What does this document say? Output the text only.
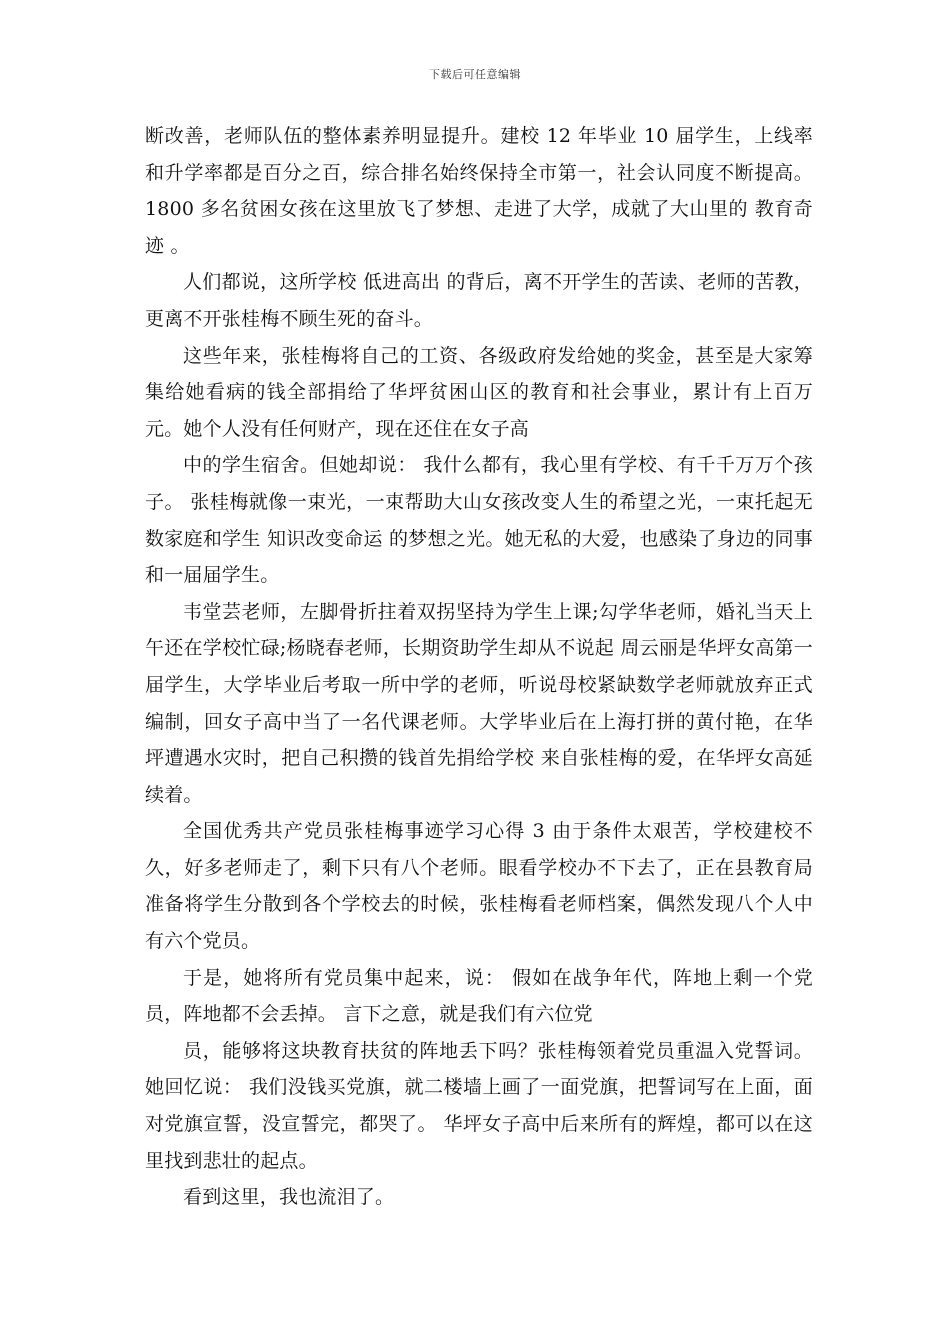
下载后可任意编辑

断改善，老师队伍的整体素养明显提升。建校 12 年毕业 10 届学生，上线率和升学率都是百分之百，综合排名始终保持全市第一，社会认同度不断提高。1800 多名贫困女孩在这里放飞了梦想、走进了大学，成就了大山里的 教育奇迹 。

人们都说，这所学校 低进高出 的背后，离不开学生的苦读、老师的苦教，更离不开张桂梅不顾生死的奋斗。

这些年来，张桂梅将自己的工资、各级政府发给她的奖金，甚至是大家筹集给她看病的钱全部捐给了华坪贫困山区的教育和社会事业，累计有上百万元。她个人没有任何财产，现在还住在女子高

中的学生宿舍。但她却说： 我什么都有，我心里有学校、有千千万万个孩子。 张桂梅就像一束光，一束帮助大山女孩改变人生的希望之光，一束托起无数家庭和学生 知识改变命运 的梦想之光。她无私的大爱，也感染了身边的同事和一届届学生。

韦堂芸老师，左脚骨折拄着双拐坚持为学生上课;勾学华老师，婚礼当天上午还在学校忙碌;杨晓春老师，长期资助学生却从不说起 周云丽是华坪女高第一届学生，大学毕业后考取一所中学的老师，听说母校紧缺数学老师就放弃正式编制，回女子高中当了一名代课老师。大学毕业后在上海打拼的黄付艳，在华坪遭遇水灾时，把自己积攒的钱首先捐给学校 来自张桂梅的爱，在华坪女高延续着。

全国优秀共产党员张桂梅事迹学习心得 3 由于条件太艰苦，学校建校不久，好多老师走了，剩下只有八个老师。眼看学校办不下去了，正在县教育局准备将学生分散到各个学校去的时候，张桂梅看老师档案，偶然发现八个人中有六个党员。

于是，她将所有党员集中起来，说： 假如在战争年代，阵地上剩一个党员，阵地都不会丢掉。 言下之意，就是我们有六位党

员，能够将这块教育扶贫的阵地丢下吗？张桂梅领着党员重温入党誓词。她回忆说： 我们没钱买党旗，就二楼墙上画了一面党旗，把誓词写在上面，面对党旗宣誓，没宣誓完，都哭了。 华坪女子高中后来所有的辉煌，都可以在这里找到悲壮的起点。

看到这里，我也流泪了。
